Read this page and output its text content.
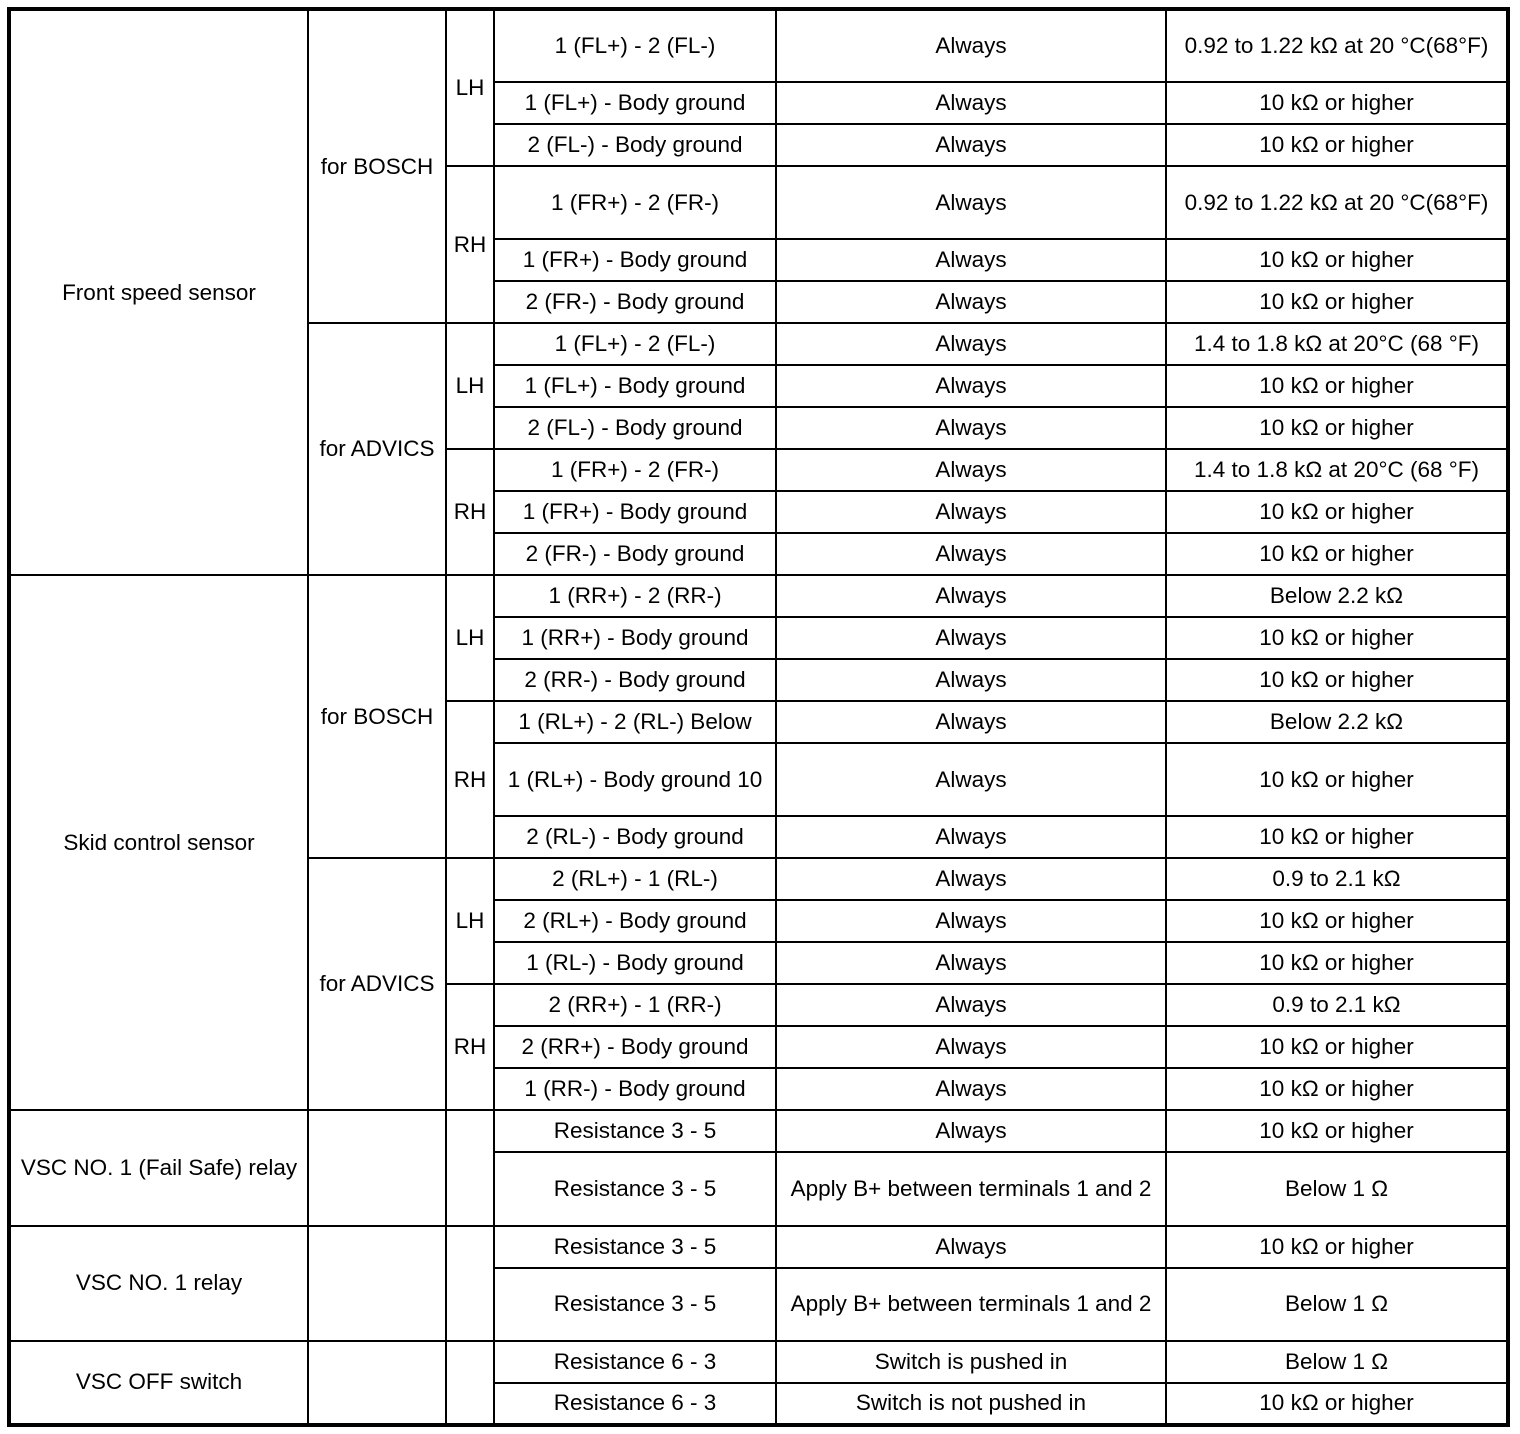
Front speed sensor	for BOSCH	LH	1 (FL+) - 2 (FL-)	Always	0.92 to 1.22 kΩ at 20 °C(68°F)
			1 (FL+) - Body ground	Always	10 kΩ or higher
			2 (FL-) - Body ground	Always	10 kΩ or higher
		RH	1 (FR+) - 2 (FR-)	Always	0.92 to 1.22 kΩ at 20 °C(68°F)
			1 (FR+) - Body ground	Always	10 kΩ or higher
			2 (FR-) - Body ground	Always	10 kΩ or higher
	for ADVICS	LH	1 (FL+) - 2 (FL-)	Always	1.4 to 1.8 kΩ at 20°C (68 °F)
			1 (FL+) - Body ground	Always	10 kΩ or higher
			2 (FL-) - Body ground	Always	10 kΩ or higher
		RH	1 (FR+) - 2 (FR-)	Always	1.4 to 1.8 kΩ at 20°C (68 °F)
			1 (FR+) - Body ground	Always	10 kΩ or higher
			2 (FR-) - Body ground	Always	10 kΩ or higher
Skid control sensor	for BOSCH	LH	1 (RR+) - 2 (RR-)	Always	Below 2.2 kΩ
			1 (RR+) - Body ground	Always	10 kΩ or higher
			2 (RR-) - Body ground	Always	10 kΩ or higher
		RH	1 (RL+) - 2 (RL-) Below	Always	Below 2.2 kΩ
			1 (RL+) - Body ground 10	Always	10 kΩ or higher
			2 (RL-) - Body ground	Always	10 kΩ or higher
	for ADVICS	LH	2 (RL+) - 1 (RL-)	Always	0.9 to 2.1 kΩ
			2 (RL+) - Body ground	Always	10 kΩ or higher
			1 (RL-) - Body ground	Always	10 kΩ or higher
		RH	2 (RR+) - 1 (RR-)	Always	0.9 to 2.1 kΩ
			2 (RR+) - Body ground	Always	10 kΩ or higher
			1 (RR-) - Body ground	Always	10 kΩ or higher
VSC NO. 1 (Fail Safe) relay			Resistance 3 - 5	Always	10 kΩ or higher
			Resistance 3 - 5	Apply B+ between terminals 1 and 2	Below 1 Ω
VSC NO. 1 relay			Resistance 3 - 5	Always	10 kΩ or higher
			Resistance 3 - 5	Apply B+ between terminals 1 and 2	Below 1 Ω
VSC OFF switch			Resistance 6 - 3	Switch is pushed in	Below 1 Ω
			Resistance 6 - 3	Switch is not pushed in	10 kΩ or higher
